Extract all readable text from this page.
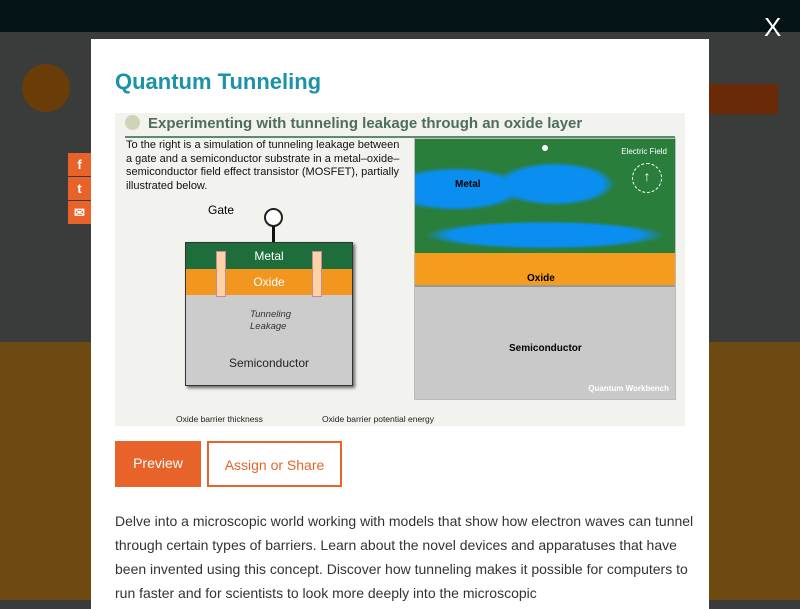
X
f
t
✉
Quantum Tunneling
Experimenting with tunneling leakage through an oxide layer
To the right is a simulation of tunneling leakage between a gate and a semiconductor substrate in a metal–oxide–semiconductor field effect transistor (MOSFET), partially illustrated below.
Gate
Metal
Oxide
Tunneling
Leakage
Semiconductor
Oxide barrier thickness	Oxide barrier potential energy
Metal
Electric Field
↑
Oxide
Semiconductor
Quantum Workbench
Preview	Assign or Share
Delve into a microscopic world working with models that show how electron waves can tunnel through certain types of barriers. Learn about the novel devices and apparatuses that have been invented using this concept. Discover how tunneling makes it possible for computers to run faster and for scientists to look more deeply into the microscopic
